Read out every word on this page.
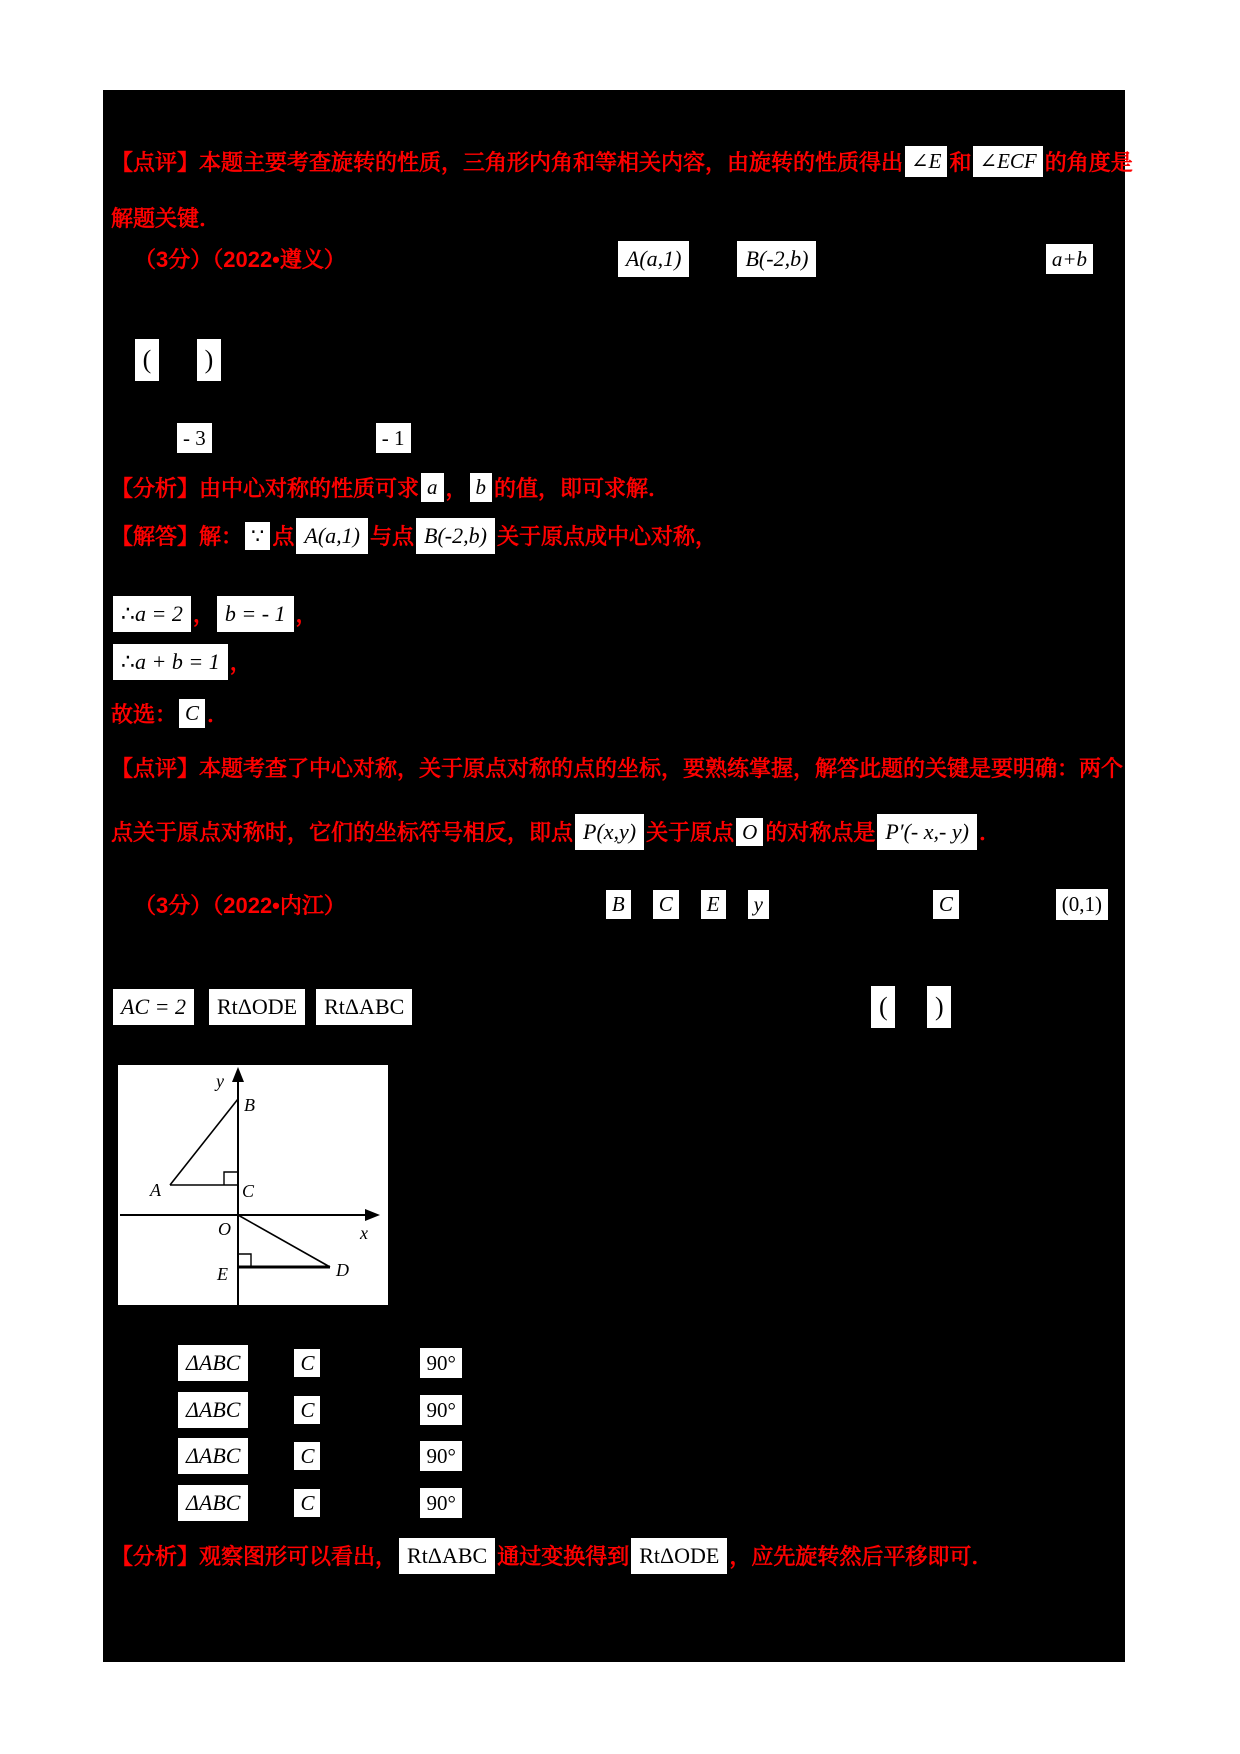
【点评】本题主要考查旋转的性质，三角形内角和等相关内容，由旋转的性质得出 ∠E 和 ∠ECF 的角度是
解题关键．
（3分）（2022•遵义）	A(a,1)	B(-2,b)	a+b
( )
- 3	- 1
【分析】由中心对称的性质可求 a ， b 的值，即可求解．
【解答】解： ∵ 点 A(a,1) 与点 B(-2,b) 关于原点成中心对称，
∴a = 2 ， b = - 1 ，
∴a + b = 1 ，
故选： C ．
【点评】本题考查了中心对称，关于原点对称的点的坐标，要熟练掌握，解答此题的关键是要明确：两个
点关于原点对称时，它们的坐标符号相反，即点 P(x,y) 关于原点 O 的对称点是 P′(- x,- y) ．
（3分）（2022•内江）	B C E y	C	(0,1)
AC = 2	RtΔODE	RtΔABC	( )
y
B
A	C
O	x
E	D
ΔABC	C	90°
ΔABC	C	90°
ΔABC	C	90°
ΔABC	C	90°
【分析】观察图形可以看出， RtΔABC 通过变换得到 RtΔODE ，应先旋转然后平移即可．
